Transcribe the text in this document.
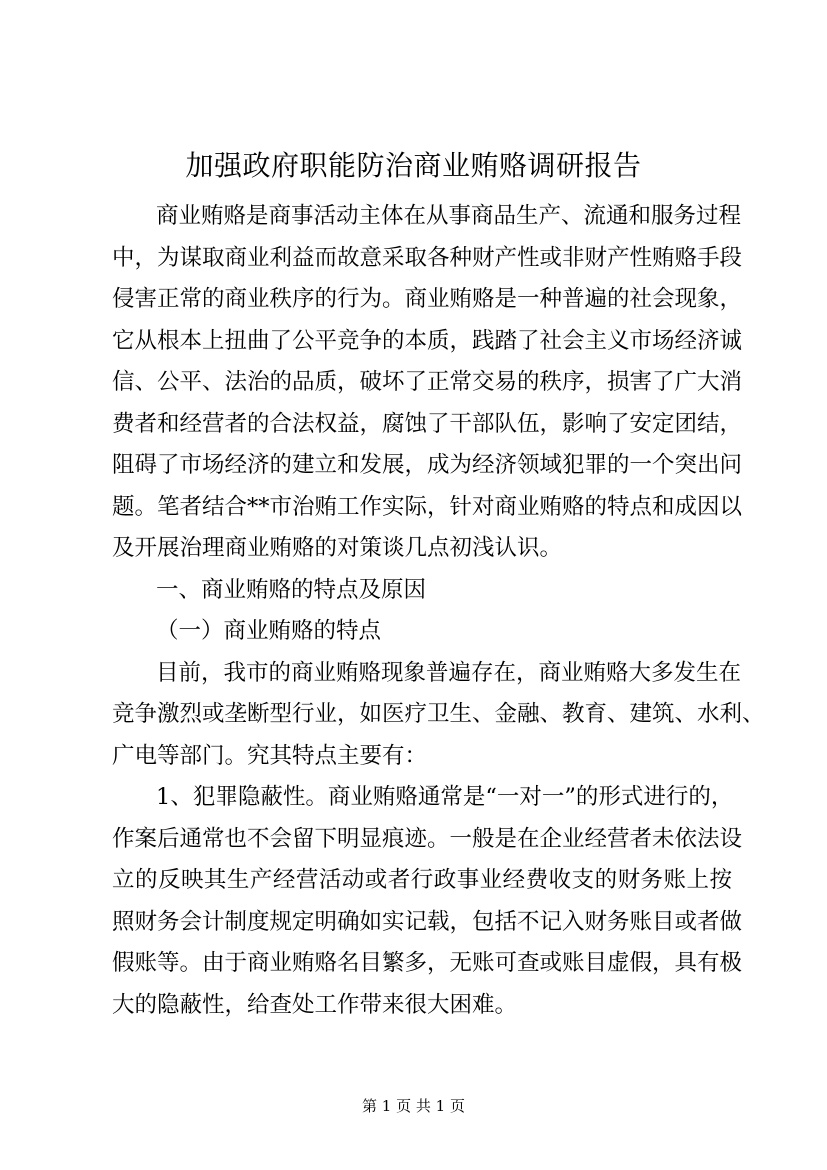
加强政府职能防治商业贿赂调研报告
商业贿赂是商事活动主体在从事商品生产、流通和服务过程
中，为谋取商业利益而故意采取各种财产性或非财产性贿赂手段
侵害正常的商业秩序的行为。商业贿赂是一种普遍的社会现象，
它从根本上扭曲了公平竞争的本质，践踏了社会主义市场经济诚
信、公平、法治的品质，破坏了正常交易的秩序，损害了广大消
费者和经营者的合法权益，腐蚀了干部队伍，影响了安定团结，
阻碍了市场经济的建立和发展，成为经济领域犯罪的一个突出问
题。笔者结合**市治贿工作实际，针对商业贿赂的特点和成因以
及开展治理商业贿赂的对策谈几点初浅认识。
一、商业贿赂的特点及原因
（一）商业贿赂的特点
目前，我市的商业贿赂现象普遍存在，商业贿赂大多发生在
竞争激烈或垄断型行业，如医疗卫生、金融、教育、建筑、水利、
广电等部门。究其特点主要有：
1、犯罪隐蔽性。商业贿赂通常是“一对一”的形式进行的，
作案后通常也不会留下明显痕迹。一般是在企业经营者未依法设
立的反映其生产经营活动或者行政事业经费收支的财务账上按
照财务会计制度规定明确如实记载，包括不记入财务账目或者做
假账等。由于商业贿赂名目繁多，无账可查或账目虚假，具有极
大的隐蔽性，给查处工作带来很大困难。
第 1 页 共 1 页
